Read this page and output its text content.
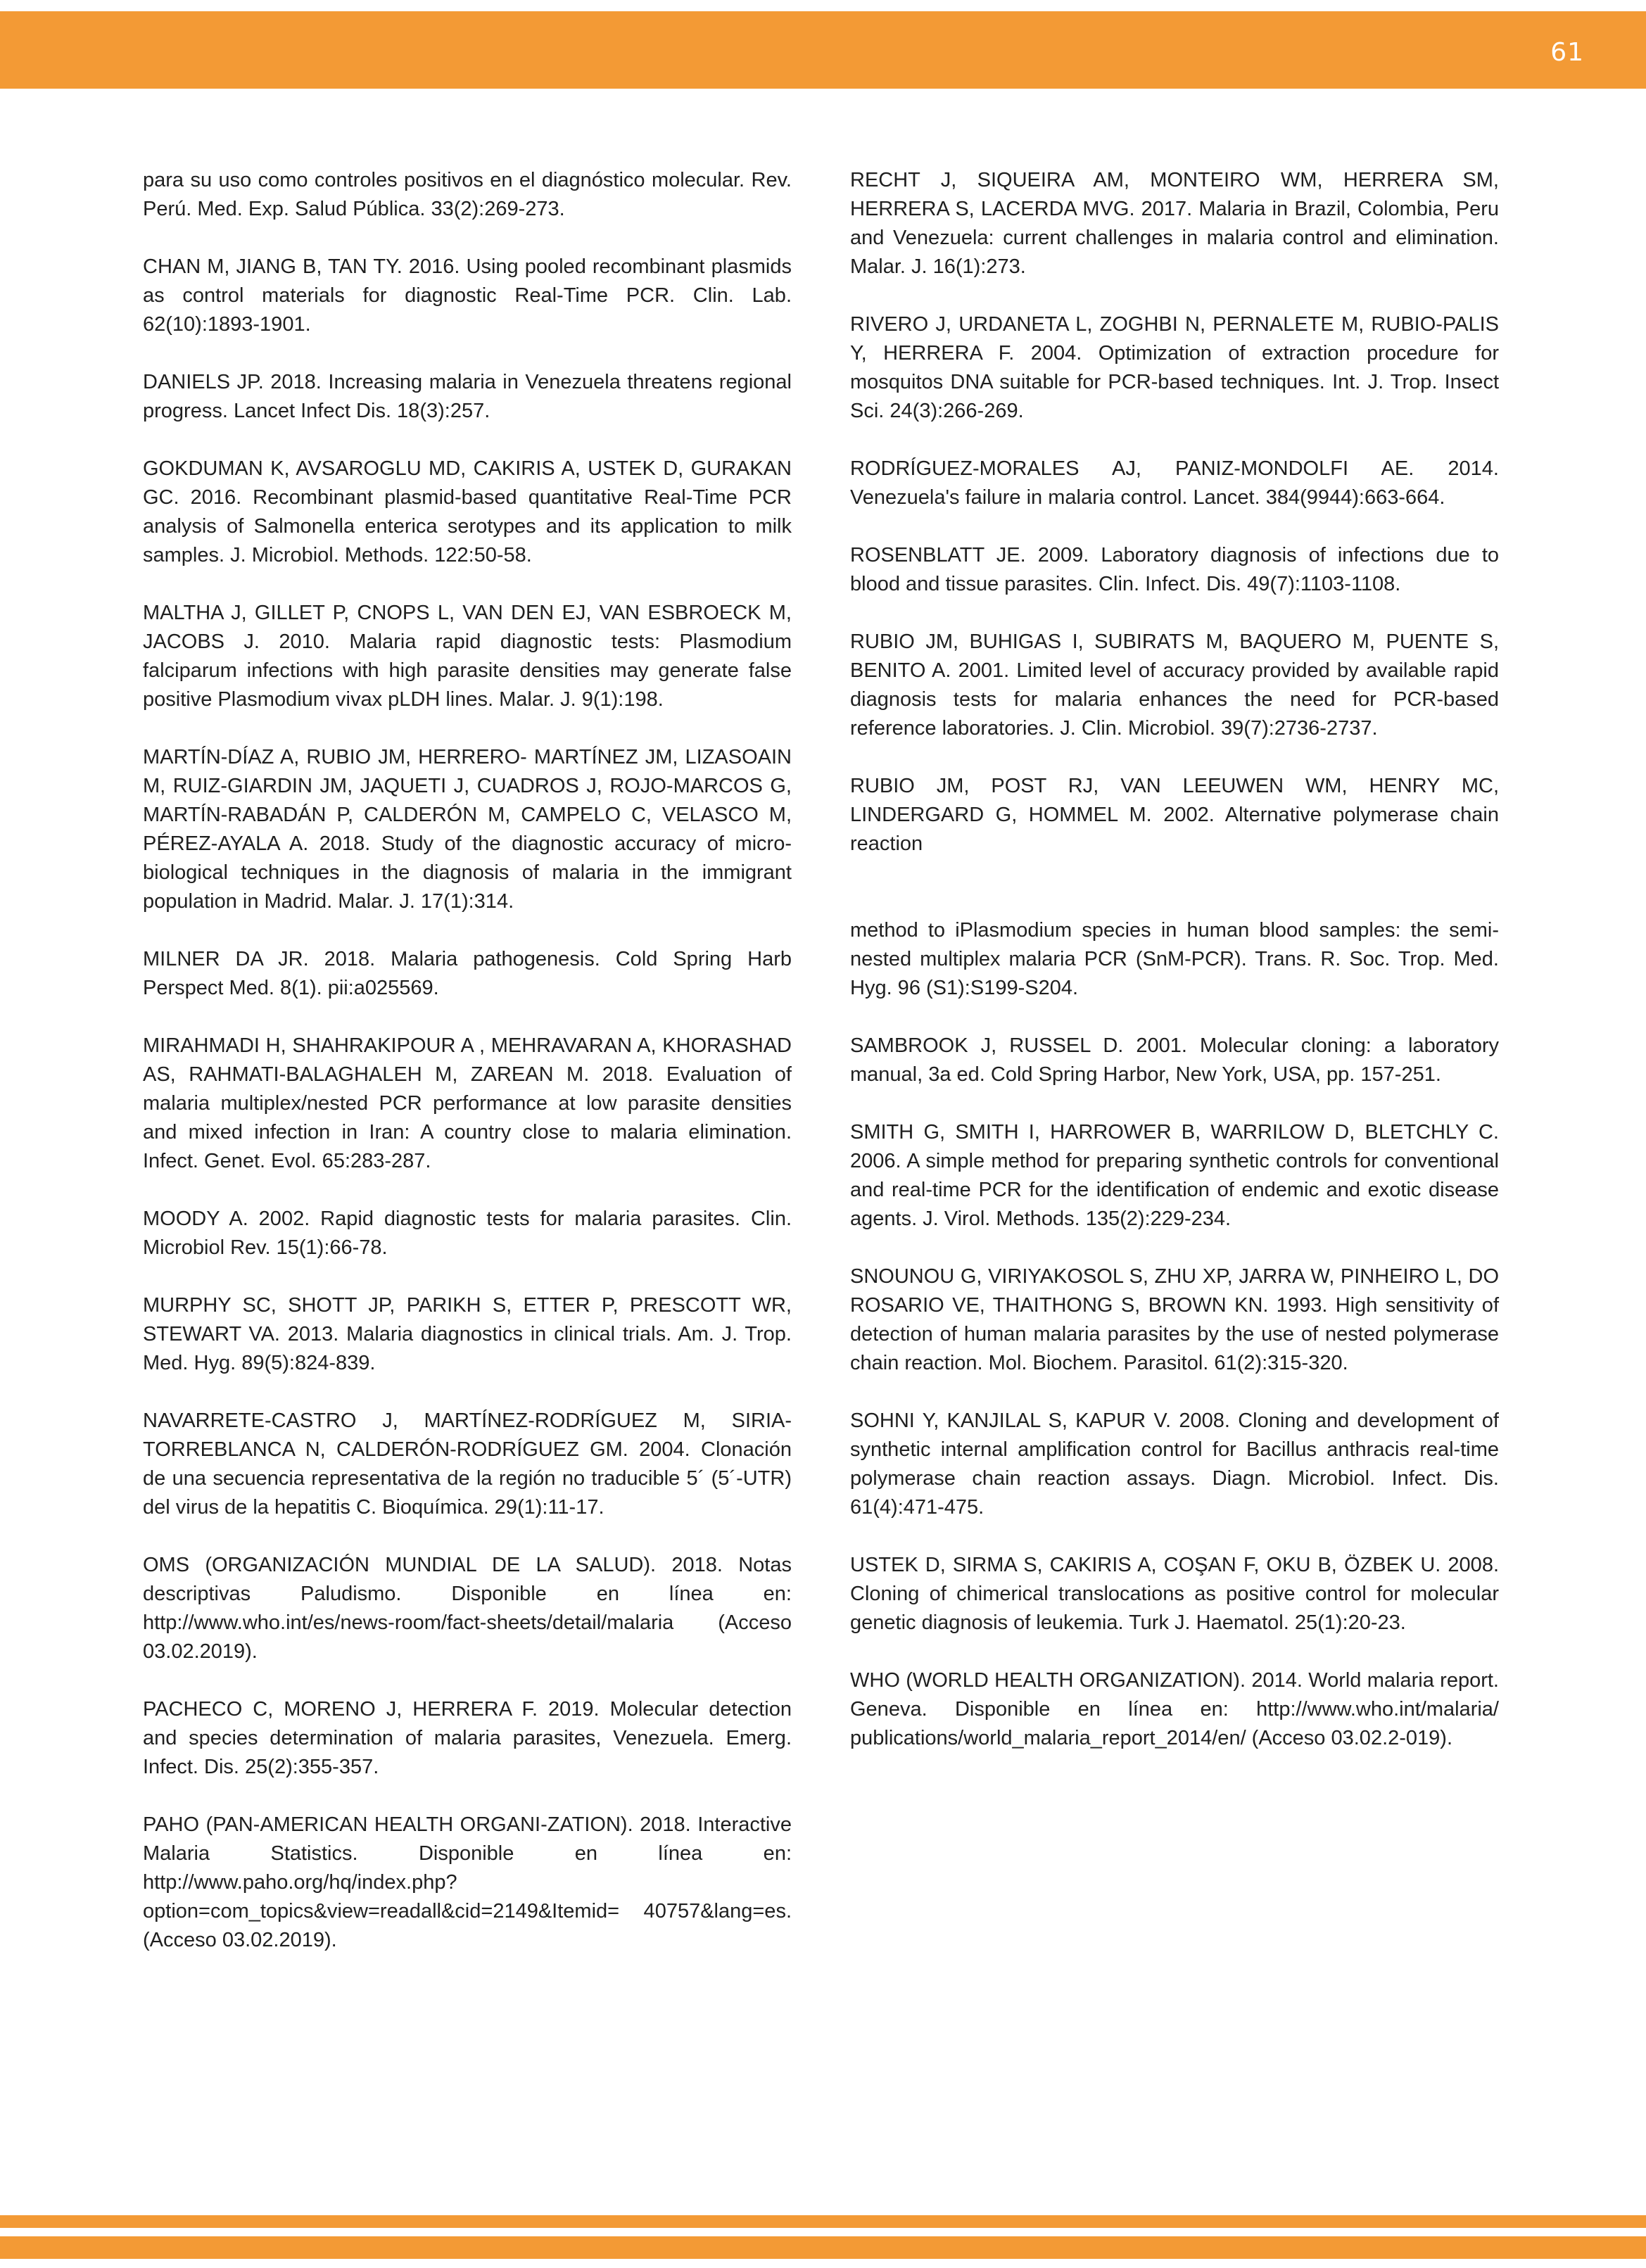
61

para su uso como controles positivos en el diagnóstico molecular. Rev. Perú. Med. Exp. Salud Pública. 33(2):269-273.

CHAN M, JIANG B, TAN TY. 2016. Using pooled recombinant plasmids as control materials for diagnostic Real-Time PCR. Clin. Lab. 62(10):1893-1901.

DANIELS JP. 2018. Increasing malaria in Venezuela threatens regional progress. Lancet Infect Dis. 18(3):257.

GOKDUMAN K, AVSAROGLU MD, CAKIRIS A, USTEK D, GURAKAN GC. 2016. Recombinant plasmid-based quantitative Real-Time PCR analysis of Salmonella enterica serotypes and its application to milk samples. J. Microbiol. Methods. 122:50-58.

MALTHA J, GILLET P, CNOPS L, VAN DEN EJ, VAN ESBROECK M, JACOBS J. 2010. Malaria rapid diagnostic tests: Plasmodium falciparum infections with high parasite densities may generate false positive Plasmodium vivax pLDH lines. Malar. J. 9(1):198.

MARTÍN-DÍAZ A, RUBIO JM, HERRERO- MARTÍNEZ JM, LIZASOAIN M, RUIZ-GIARDIN JM, JAQUETI J, CUADROS J, ROJO-MARCOS G, MARTÍN-RABADÁN P, CALDERÓN M, CAMPELO C, VELASCO M, PÉREZ-AYALA A. 2018. Study of the diagnostic accuracy of micro-biological techniques in the diagnosis of malaria in the immigrant population in Madrid. Malar. J. 17(1):314.

MILNER DA JR. 2018. Malaria pathogenesis. Cold Spring Harb Perspect Med. 8(1). pii:a025569.

MIRAHMADI H, SHAHRAKIPOUR A , MEHRAVARAN A, KHORASHAD AS, RAHMATI-BALAGHALEH M, ZAREAN M. 2018. Evaluation of malaria multiplex/nested PCR performance at low parasite densities and mixed infection in Iran: A country close to malaria elimination. Infect. Genet. Evol. 65:283-287.

MOODY A. 2002. Rapid diagnostic tests for malaria parasites. Clin. Microbiol Rev. 15(1):66-78.

MURPHY SC, SHOTT JP, PARIKH S, ETTER P, PRESCOTT WR, STEWART VA. 2013. Malaria diagnostics in clinical trials. Am. J. Trop. Med. Hyg. 89(5):824-839.

NAVARRETE-CASTRO J, MARTÍNEZ-RODRÍGUEZ M, SIRIA-TORREBLANCA N, CALDERÓN-RODRÍGUEZ GM. 2004. Clonación de una secuencia representativa de la región no traducible 5´ (5´-UTR) del virus de la hepatitis C. Bioquímica. 29(1):11-17.

OMS (ORGANIZACIÓN MUNDIAL DE LA SALUD). 2018. Notas descriptivas Paludismo. Disponible en línea en: http://www.who.int/es/news-room/fact-sheets/detail/malaria (Acceso 03.02.2019).

PACHECO C, MORENO J, HERRERA F. 2019. Molecular detection and species determination of malaria parasites, Venezuela. Emerg. Infect. Dis. 25(2):355-357.

PAHO (PAN-AMERICAN HEALTH ORGANI-ZATION). 2018. Interactive Malaria Statistics. Disponible en línea en: http://www.paho.org/hq/index.php?option=com_topics&view=readall&cid=2149&Itemid= 40757&lang=es. (Acceso 03.02.2019).

RECHT J, SIQUEIRA AM, MONTEIRO WM, HERRERA SM, HERRERA S, LACERDA MVG. 2017. Malaria in Brazil, Colombia, Peru and Venezuela: current challenges in malaria control and elimination. Malar. J. 16(1):273.

RIVERO J, URDANETA L, ZOGHBI N, PERNALETE M, RUBIO-PALIS Y, HERRERA F. 2004. Optimization of extraction procedure for mosquitos DNA suitable for PCR-based techniques. Int. J. Trop. Insect Sci. 24(3):266-269.

RODRÍGUEZ-MORALES AJ, PANIZ-MONDOLFI AE. 2014. Venezuela's failure in malaria control. Lancet. 384(9944):663-664.

ROSENBLATT JE. 2009. Laboratory diagnosis of infections due to blood and tissue parasites. Clin. Infect. Dis. 49(7):1103-1108.

RUBIO JM, BUHIGAS I, SUBIRATS M, BAQUERO M, PUENTE S, BENITO A. 2001. Limited level of accuracy provided by available rapid diagnosis tests for malaria enhances the need for PCR-based reference laboratories. J. Clin. Microbiol. 39(7):2736-2737.

RUBIO JM, POST RJ, VAN LEEUWEN WM, HENRY MC, LINDERGARD G, HOMMEL M. 2002. Alternative polymerase chain reaction

method to iPlasmodium species in human blood samples: the semi-nested multiplex malaria PCR (SnM-PCR). Trans. R. Soc. Trop. Med. Hyg. 96 (S1):S199-S204.

SAMBROOK J, RUSSEL D. 2001. Molecular cloning: a laboratory manual, 3a ed. Cold Spring Harbor, New York, USA, pp. 157-251.

SMITH G, SMITH I, HARROWER B, WARRILOW D, BLETCHLY C. 2006. A simple method for preparing synthetic controls for conventional and real-time PCR for the identification of endemic and exotic disease agents. J. Virol. Methods. 135(2):229-234.

SNOUNOU G, VIRIYAKOSOL S, ZHU XP, JARRA W, PINHEIRO L, DO ROSARIO VE, THAITHONG S, BROWN KN. 1993. High sensitivity of detection of human malaria parasites by the use of nested polymerase chain reaction. Mol. Biochem. Parasitol. 61(2):315-320.

SOHNI Y, KANJILAL S, KAPUR V. 2008. Cloning and development of synthetic internal amplification control for Bacillus anthracis real-time polymerase chain reaction assays. Diagn. Microbiol. Infect. Dis. 61(4):471-475.

USTEK D, SIRMA S, CAKIRIS A, COŞAN F, OKU B, ÖZBEK U. 2008. Cloning of chimerical translocations as positive control for molecular genetic diagnosis of leukemia. Turk J. Haematol. 25(1):20-23.

WHO (WORLD HEALTH ORGANIZATION). 2014. World malaria report. Geneva. Disponible en línea en: http://www.who.int/malaria/ publications/world_malaria_report_2014/en/ (Acceso 03.02.2-019).
